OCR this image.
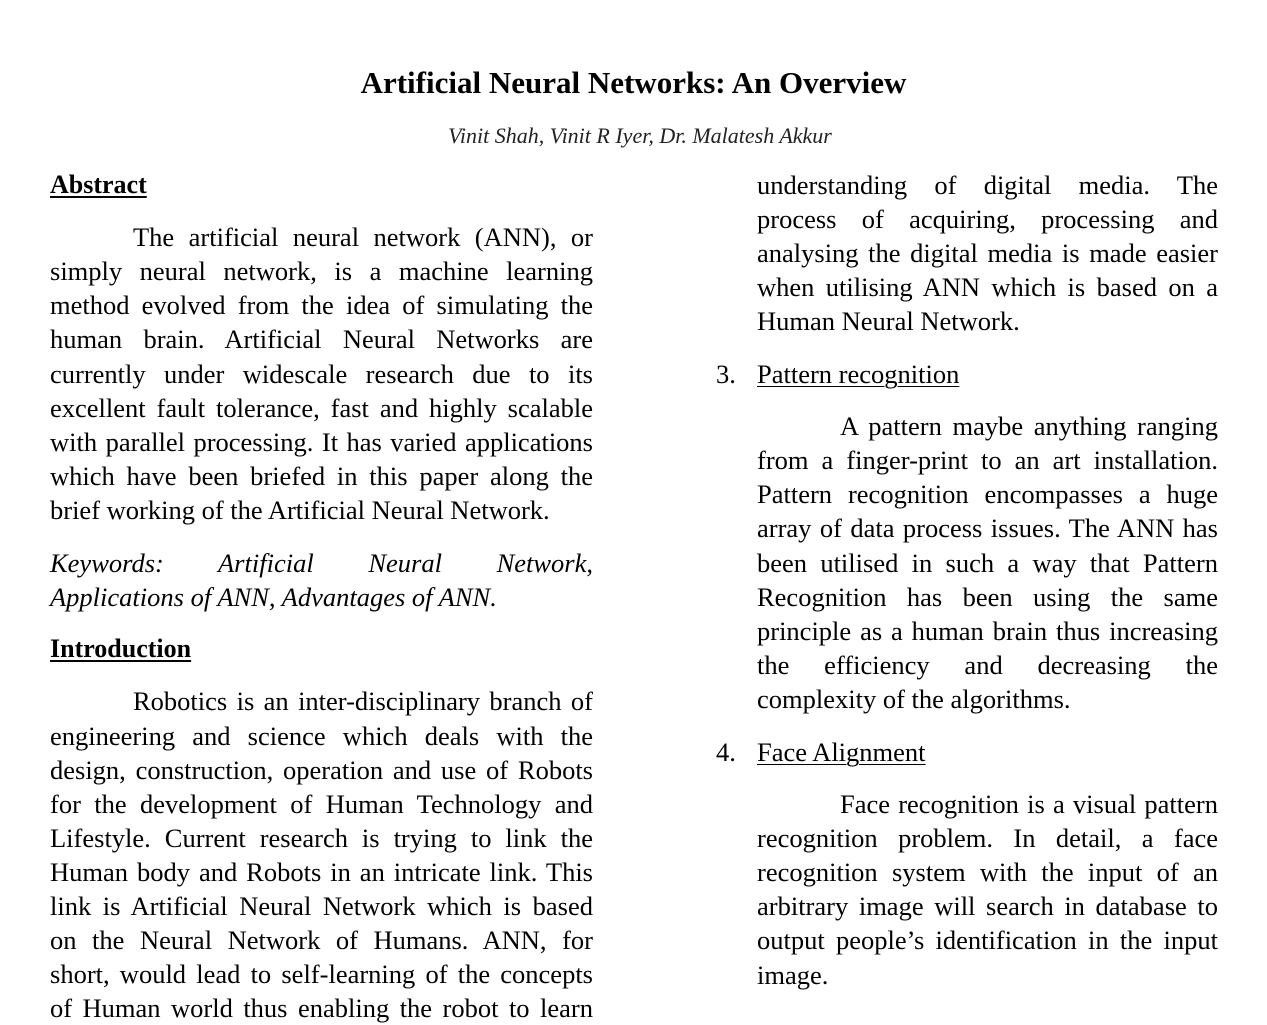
Artificial Neural Networks: An Overview
Vinit Shah, Vinit R Iyer, Dr. Malatesh Akkur
Abstract
The artificial neural network (ANN), or
simply neural network, is a machine learning
method evolved from the idea of simulating the
human brain. Artificial Neural Networks are
currently under widescale research due to its
excellent fault tolerance, fast and highly scalable
with parallel processing. It has varied applications
which have been briefed in this paper along the
brief working of the Artificial Neural Network.
Keywords: Artificial Neural Network,
Applications of ANN, Advantages of ANN.
Introduction
Robotics is an inter-disciplinary branch of
engineering and science which deals with the
design, construction, operation and use of Robots
for the development of Human Technology and
Lifestyle. Current research is trying to link the
Human body and Robots in an intricate link. This
link is Artificial Neural Network which is based
on the Neural Network of Humans. ANN, for
short, would lead to self-learning of the concepts
of Human world thus enabling the robot to learn
understanding of digital media. The
process of acquiring, processing and
analysing the digital media is made easier
when utilising ANN which is based on a
Human Neural Network.
3. Pattern recognition
A pattern maybe anything ranging
from a finger-print to an art installation.
Pattern recognition encompasses a huge
array of data process issues. The ANN has
been utilised in such a way that Pattern
Recognition has been using the same
principle as a human brain thus increasing
the efficiency and decreasing the
complexity of the algorithms.
4. Face Alignment
Face recognition is a visual pattern
recognition problem. In detail, a face
recognition system with the input of an
arbitrary image will search in database to
output people’s identification in the input
image.
